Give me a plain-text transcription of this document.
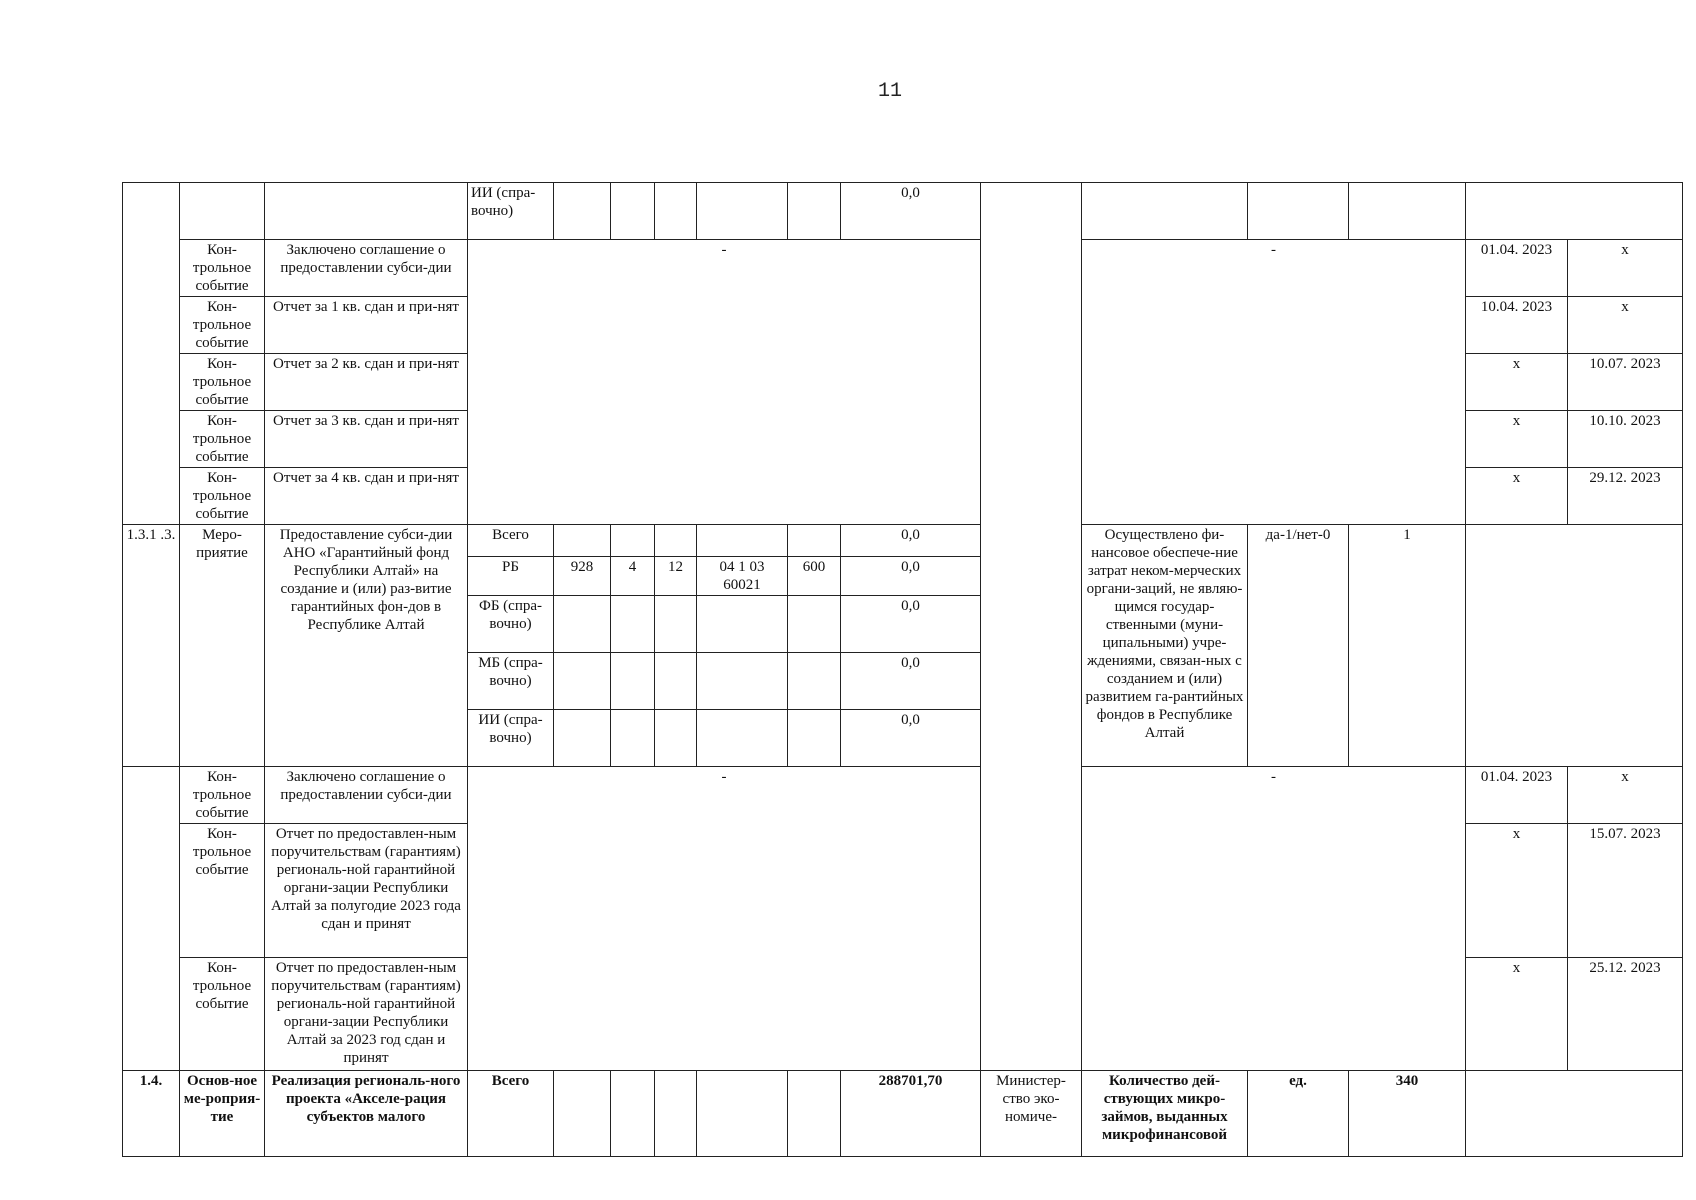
11
			ИИ (спра-вочно)						0,0						
	Кон-трольное событие	Заключено соглашение о предоставлении субси-дии	-								-			01.04. 2023	x
	Кон-трольное событие	Отчет за 1 кв. сдан и при-нят												10.04. 2023	x
	Кон-трольное событие	Отчет за 2 кв. сдан и при-нят												x	10.07. 2023
	Кон-трольное событие	Отчет за 3 кв. сдан и при-нят												x	10.10. 2023
	Кон-трольное событие	Отчет за 4 кв. сдан и при-нят												x	29.12. 2023
1.3.1 .3.	Меро-приятие	Предоставление субси-дии АНО «Гарантийный фонд Республики Алтай» на создание и (или) раз-витие гарантийных фон-дов в Республике Алтай	Всего						0,0		Осуществлено фи-нансовое обеспече-ние затрат неком-мерческих органи-заций, не являю-щимся государ-ственными (муни-ципальными) учре-ждениями, связан-ных с созданием и (или) развитием га-рантийных фондов в Республике Алтай	да-1/нет-0	1		
			РБ	928	4	12	04 1 03 60021	600	0,0						
			ФБ (спра-вочно)						0,0						
			МБ (спра-вочно)						0,0						
			ИИ (спра-вочно)						0,0						
	Кон-трольное событие	Заключено соглашение о предоставлении субси-дии	-								-			01.04. 2023	x
	Кон-трольное событие	Отчет по предоставлен-ным поручительствам (гарантиям) региональ-ной гарантийной органи-зации Республики Алтай за полугодие 2023 года сдан и принят												x	15.07. 2023
	Кон-трольное событие	Отчет по предоставлен-ным поручительствам (гарантиям) региональ-ной гарантийной органи-зации Республики Алтай за 2023 год сдан и принят												x	25.12. 2023
1.4.	Основ-ное ме-роприя-тие	Реализация региональ-ного проекта «Акселе-рация субъектов малого	Всего						288701,70	Министер-ство эко-номиче-	Количество дей-ствующих микро-займов, выданных микрофинансовой	ед.	340		
